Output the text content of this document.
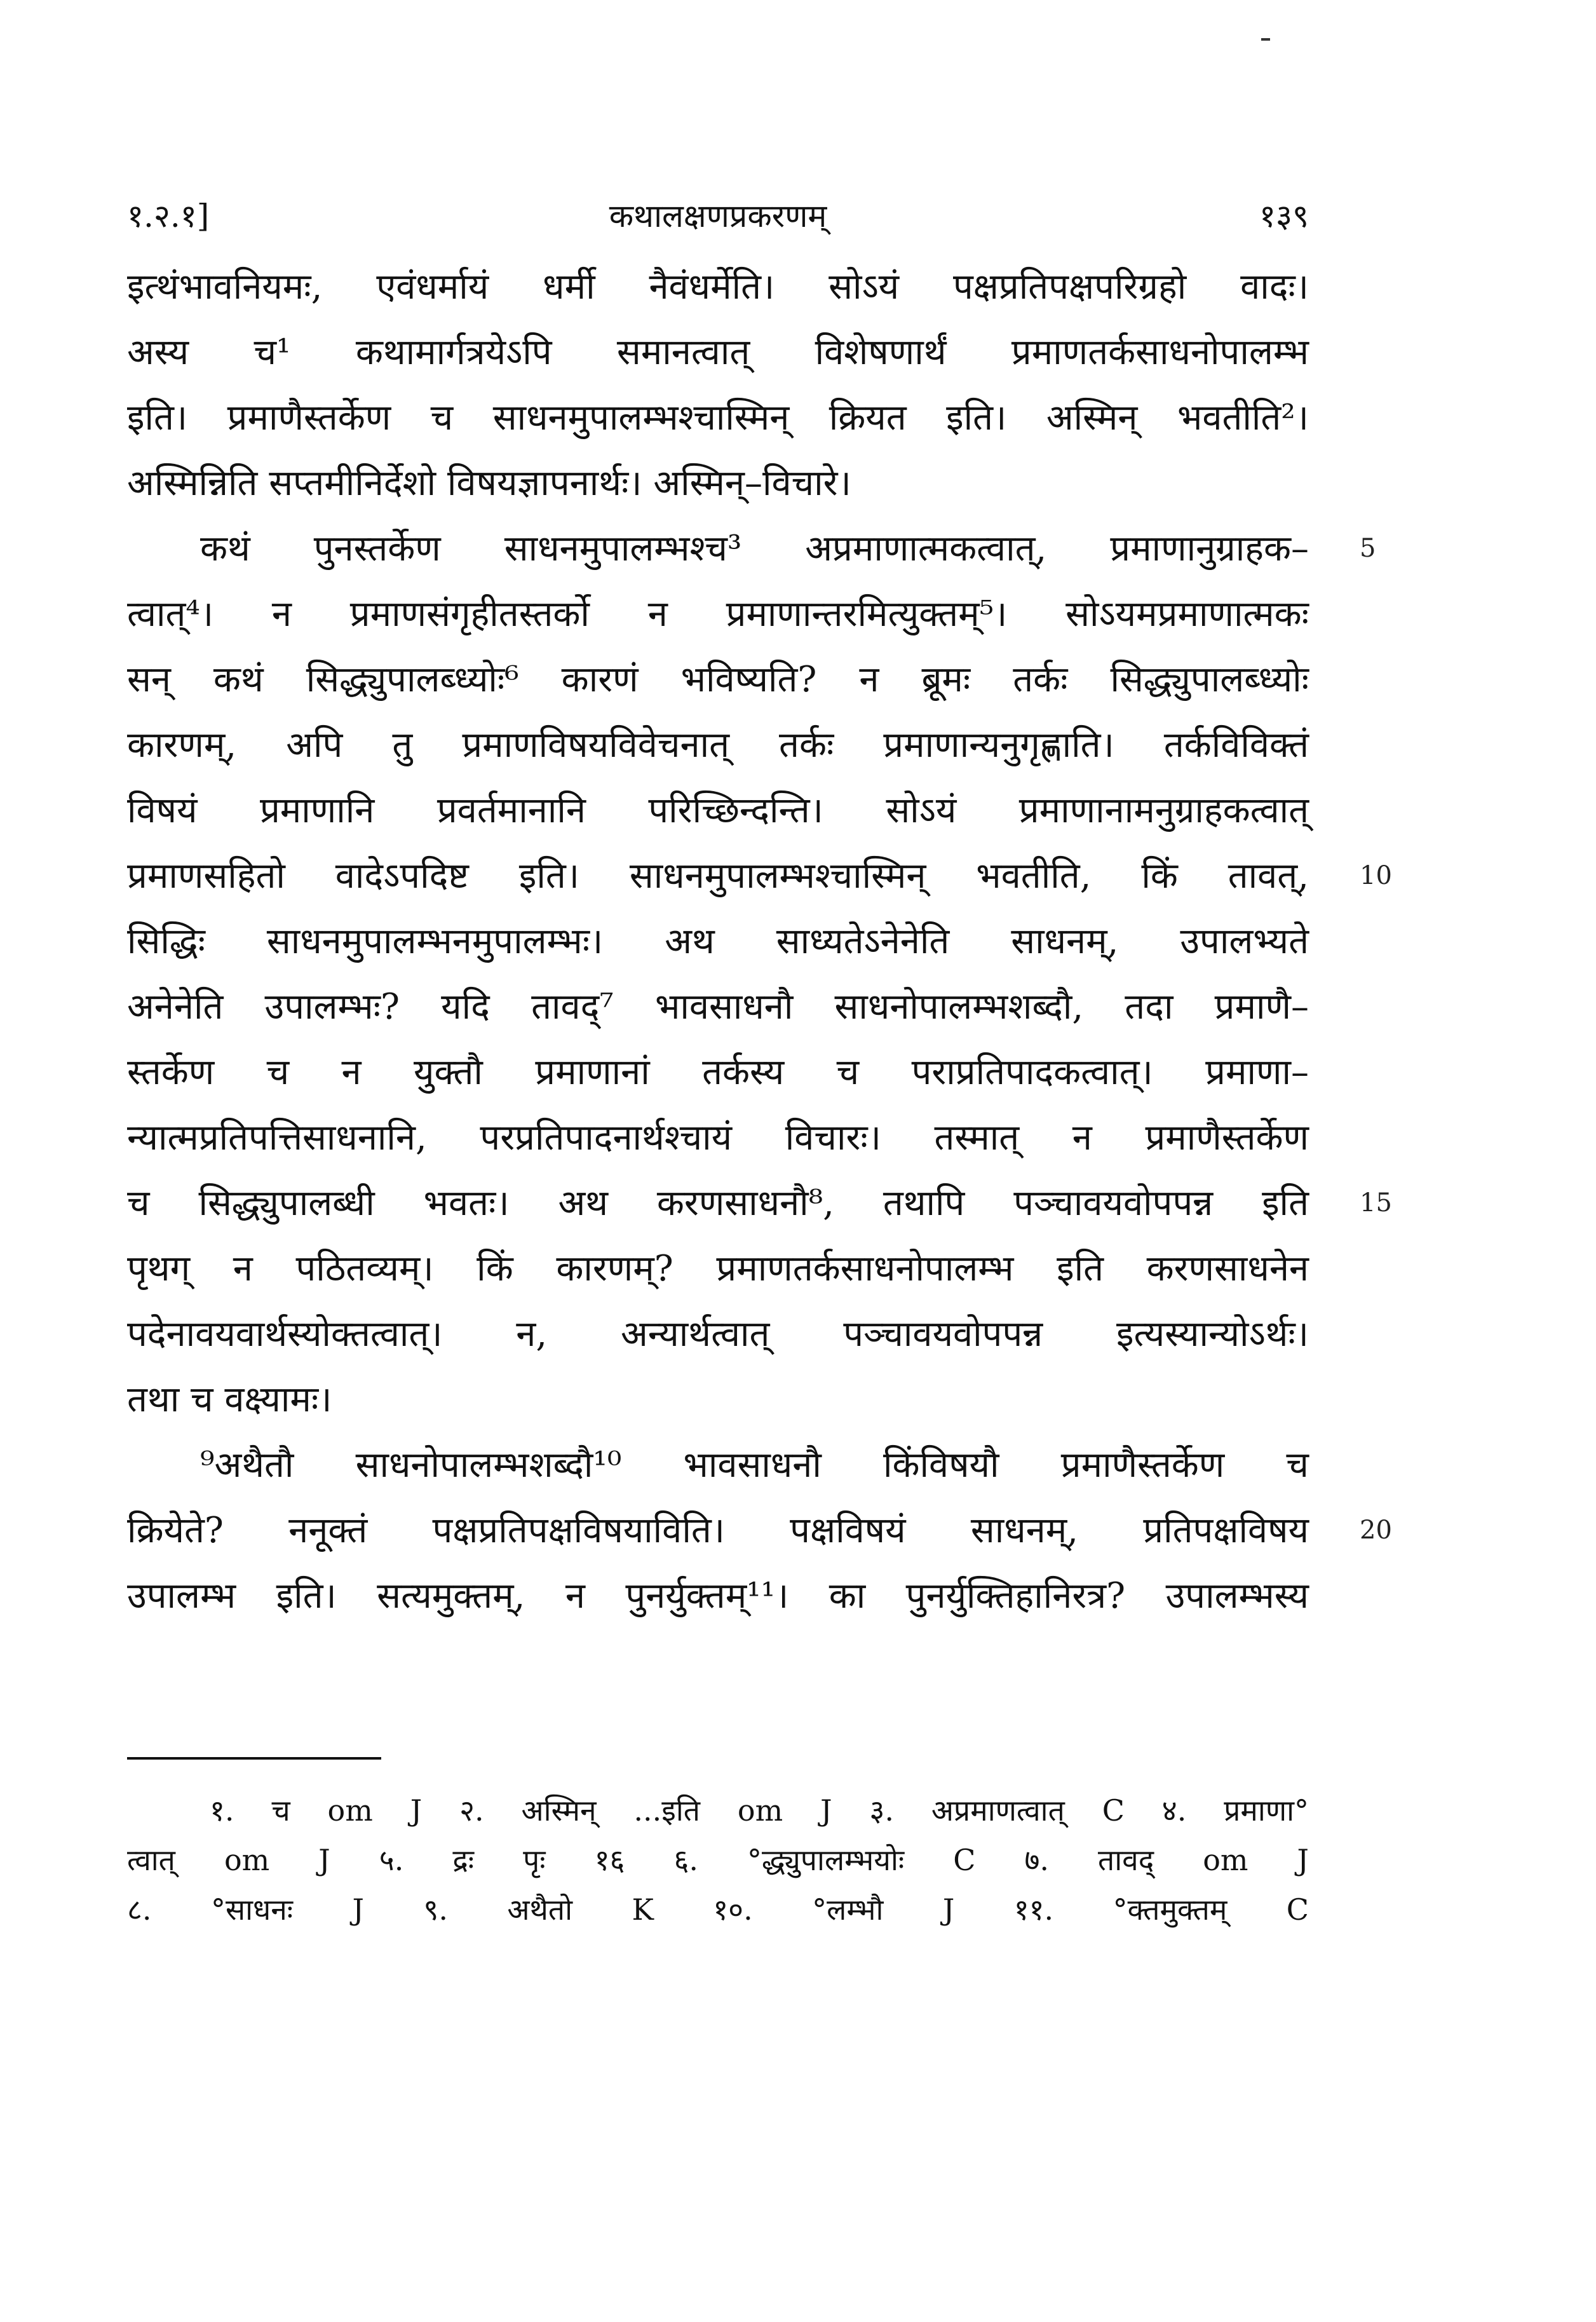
१.२.१]	कथालक्षणप्रकरणम्	१३९
इत्थंभावनियमः, एवंधर्मायं धर्मी नैवंधर्मेति। सोऽयं पक्षप्रतिपक्षपरिग्रहो वादः।
अस्य च¹ कथामार्गत्रयेऽपि समानत्वात् विशेषणार्थं प्रमाणतर्कसाधनोपालम्भ
इति। प्रमाणैस्तर्केण च साधनमुपालम्भश्चास्मिन् क्रियत इति। अस्मिन् भवतीति²।
अस्मिन्निति सप्तमीनिर्देशो विषयज्ञापनार्थः। अस्मिन्–विचारे।
कथं पुनस्तर्केण साधनमुपालम्भश्च³ अप्रमाणात्मकत्वात्, प्रमाणानुग्राहक–
त्वात्⁴। न प्रमाणसंगृहीतस्तर्को न प्रमाणान्तरमित्युक्तम्⁵। सोऽयमप्रमाणात्मकः
सन् कथं सिद्ध्युपालब्ध्योः⁶ कारणं भविष्यति? न ब्रूमः तर्कः सिद्ध्युपालब्ध्योः
कारणम्, अपि तु प्रमाणविषयविवेचनात् तर्कः प्रमाणान्यनुगृह्णाति। तर्कविविक्तं
विषयं प्रमाणानि प्रवर्तमानानि परिच्छिन्दन्ति। सोऽयं प्रमाणानामनुग्राहकत्वात्
प्रमाणसहितो वादेऽपदिष्ट इति। साधनमुपालम्भश्चास्मिन् भवतीति, किं तावत्,
सिद्धिः साधनमुपालम्भनमुपालम्भः। अथ साध्यतेऽनेनेति साधनम्, उपालभ्यते
अनेनेति उपालम्भः? यदि तावद्⁷ भावसाधनौ साधनोपालम्भशब्दौ, तदा प्रमाणै–
स्तर्केण च न युक्तौ प्रमाणानां तर्कस्य च पराप्रतिपादकत्वात्। प्रमाणा–
न्यात्मप्रतिपत्तिसाधनानि, परप्रतिपादनार्थश्चायं विचारः। तस्मात् न प्रमाणैस्तर्केण
च सिद्ध्युपालब्धी भवतः। अथ करणसाधनौ⁸, तथापि पञ्चावयवोपपन्न इति
पृथग् न पठितव्यम्। किं कारणम्? प्रमाणतर्कसाधनोपालम्भ इति करणसाधनेन
पदेनावयवार्थस्योक्तत्वात्। न, अन्यार्थत्वात् पञ्चावयवोपपन्न इत्यस्यान्योऽर्थः।
तथा च वक्ष्यामः।
⁹अथैतौ साधनोपालम्भशब्दौ¹⁰ भावसाधनौ किंविषयौ प्रमाणैस्तर्केण च
क्रियेते? ननूक्तं पक्षप्रतिपक्षविषयाविति। पक्षविषयं साधनम्, प्रतिपक्षविषय
उपालम्भ इति। सत्यमुक्तम्, न पुनर्युक्तम्¹¹। का पुनर्युक्तिहानिरत्र? उपालम्भस्य
5
10
15
20
१. च om J २. अस्मिन् ...इति om J ३. अप्रमाणत्वात् C ४. प्रमाणा°
त्वात् om J ५. द्रः पृः १६ ६. °द्ध्युपालम्भयोः C ७. तावद् om J
८. °साधनः J ९. अथैतो K १०. °लम्भौ J ११. °क्तमुक्तम् C
